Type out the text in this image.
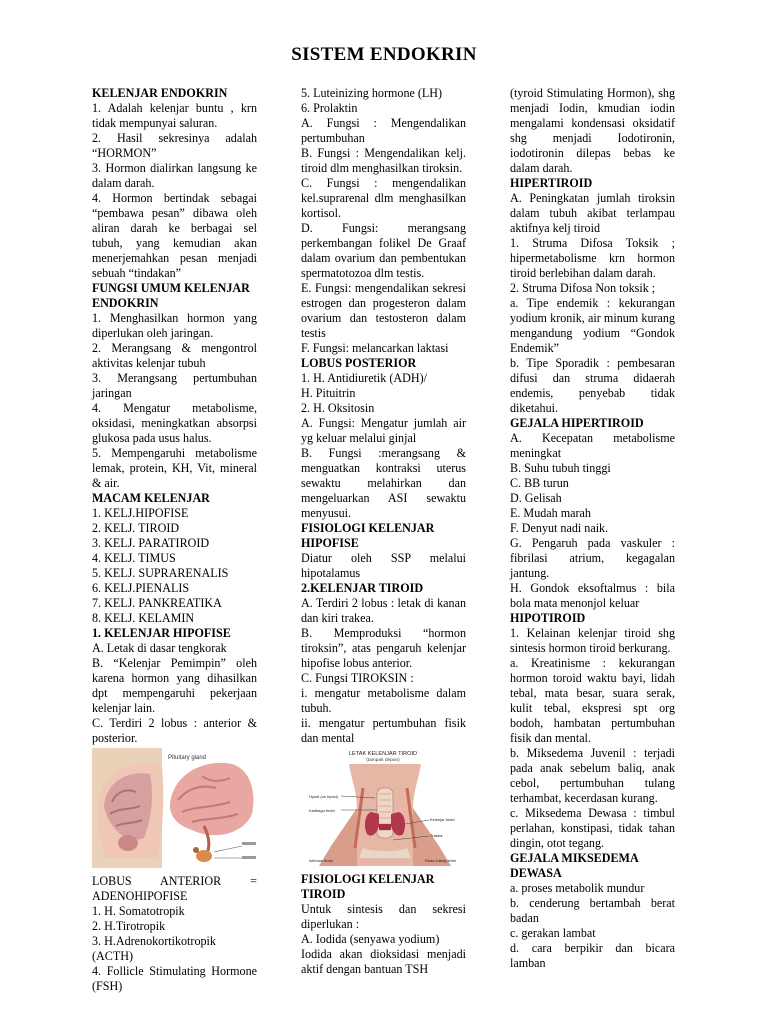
SISTEM ENDOKRIN

KELENJAR ENDOKRIN

1. Adalah kelenjar buntu , krn tidak mempunyai saluran.

2. Hasil sekresinya adalah “HORMON”

3. Hormon dialirkan langsung ke dalam darah.

4. Hormon bertindak sebagai “pembawa pesan” dibawa oleh aliran darah ke berbagai sel tubuh, yang kemudian akan menerjemahkan pesan menjadi sebuah “tindakan”

FUNGSI UMUM KELENJAR ENDOKRIN

1. Menghasilkan hormon yang diperlukan oleh jaringan.

2. Merangsang & mengontrol aktivitas kelenjar tubuh

3. Merangsang pertumbuhan jaringan

4. Mengatur metabolisme, oksidasi, meningkatkan absorpsi glukosa pada usus halus.

5. Mempengaruhi metabolisme lemak, protein, KH, Vit, mineral & air.

MACAM KELENJAR

1. KELJ.HIPOFISE

2. KELJ. TIROID

3. KELJ. PARATIROID

4. KELJ. TIMUS

5. KELJ. SUPRARENALIS

6. KELJ.PIENALIS

7. KELJ. PANKREATIKA

8. KELJ. KELAMIN

1. KELENJAR HIPOFISE

A. Letak di dasar tengkorak

B. “Kelenjar Pemimpin” oleh karena hormon yang dihasilkan dpt mempengaruhi pekerjaan kelenjar lain.

C. Terdiri 2 lobus : anterior & posterior.

Pituitary gland

LOBUS ANTERIOR = ADENOHIPOFISE

1. H. Somatotropik

2. H.Tirotropik

3. H.Adrenokortikotropik (ACTH)

4. Follicle Stimulating Hormone (FSH)

5. Luteinizing hormone (LH)

6. Prolaktin

A. Fungsi : Mengendalikan pertumbuhan

B. Fungsi : Mengendalikan kelj. tiroid dlm menghasilkan tiroksin.

C. Fungsi : mengendalikan kel.suprarenal dlm menghasilkan kortisol.

D. Fungsi: merangsang perkembangan folikel De Graaf dalam ovarium dan pembentukan spermatotozoa dlm testis.

E. Fungsi: mengendalikan sekresi estrogen dan progesteron dalam ovarium dan testosteron dalam testis

F. Fungsi: melancarkan laktasi

LOBUS POSTERIOR

1. H. Antidiuretik (ADH)/

H. Pituitrin

2. H. Oksitosin

A. Fungsi: Mengatur jumlah air yg keluar melalui ginjal

B. Fungsi :merangsang & menguatkan kontraksi uterus sewaktu melahirkan dan mengeluarkan ASI sewaktu menyusui.

FISIOLOGI KELENJAR HIPOFISE

Diatur oleh SSP melalui hipotalamus

2.KELENJAR TIROID

A. Terdiri 2 lobus : letak di kanan dan kiri trakea.

B. Memproduksi “hormon tiroksin”, atas pengaruh kelenjar hipofise lobus anterior.

C. Fungsi TIROKSIN :

i. mengatur metabolisme dalam tubuh.

ii. mengatur pertumbuhan fisik dan mental

LETAK KELENJAR TIROID
(tampak depan)
Hyoid (os hyoid)
Kartilago tiroid
Kelenjar tiroid
Trakea
Isthmus tiroid	Ruas tulang leher

FISIOLOGI KELENJAR TIROID

Untuk sintesis dan sekresi diperlukan :

A. Iodida (senyawa yodium)

Iodida akan dioksidasi menjadi aktif dengan bantuan TSH

(tyroid Stimulating Hormon), shg menjadi Iodin, kmudian iodin mengalami kondensasi oksidatif shg menjadi Iodotironin, iodotironin dilepas bebas ke dalam darah.

HIPERTIROID

A. Peningkatan jumlah tiroksin dalam tubuh akibat terlampau aktifnya kelj tiroid

1. Struma Difosa Toksik ; hipermetabolisme krn hormon tiroid berlebihan dalam darah.

2. Struma Difosa Non toksik ;

a. Tipe endemik : kekurangan yodium kronik, air minum kurang mengandung yodium “Gondok Endemik”

b. Tipe Sporadik : pembesaran difusi dan struma didaerah endemis, penyebab tidak diketahui.

GEJALA HIPERTIROID

A. Kecepatan metabolisme meningkat

B. Suhu tubuh tinggi

C. BB turun

D. Gelisah

E. Mudah marah

F. Denyut nadi naik.

G. Pengaruh pada vaskuler : fibrilasi atrium, kegagalan jantung.

H. Gondok eksoftalmus : bila bola mata menonjol keluar

HIPOTIROID

1. Kelainan kelenjar tiroid shg sintesis hormon tiroid berkurang.

a. Kreatinisme : kekurangan hormon toroid waktu bayi, lidah tebal, mata besar, suara serak, kulit tebal, ekspresi spt org bodoh, hambatan pertumbuhan fisik dan mental.

b. Miksedema Juvenil : terjadi pada anak sebelum baliq, anak cebol, pertumbuhan tulang terhambat, kecerdasan kurang.

c. Miksedema Dewasa : timbul perlahan, konstipasi, tidak tahan dingin, otot tegang.

GEJALA MIKSEDEMA DEWASA

a. proses metabolik mundur

b. cenderung bertambah berat badan

c. gerakan lambat

d. cara berpikir dan bicara lamban
